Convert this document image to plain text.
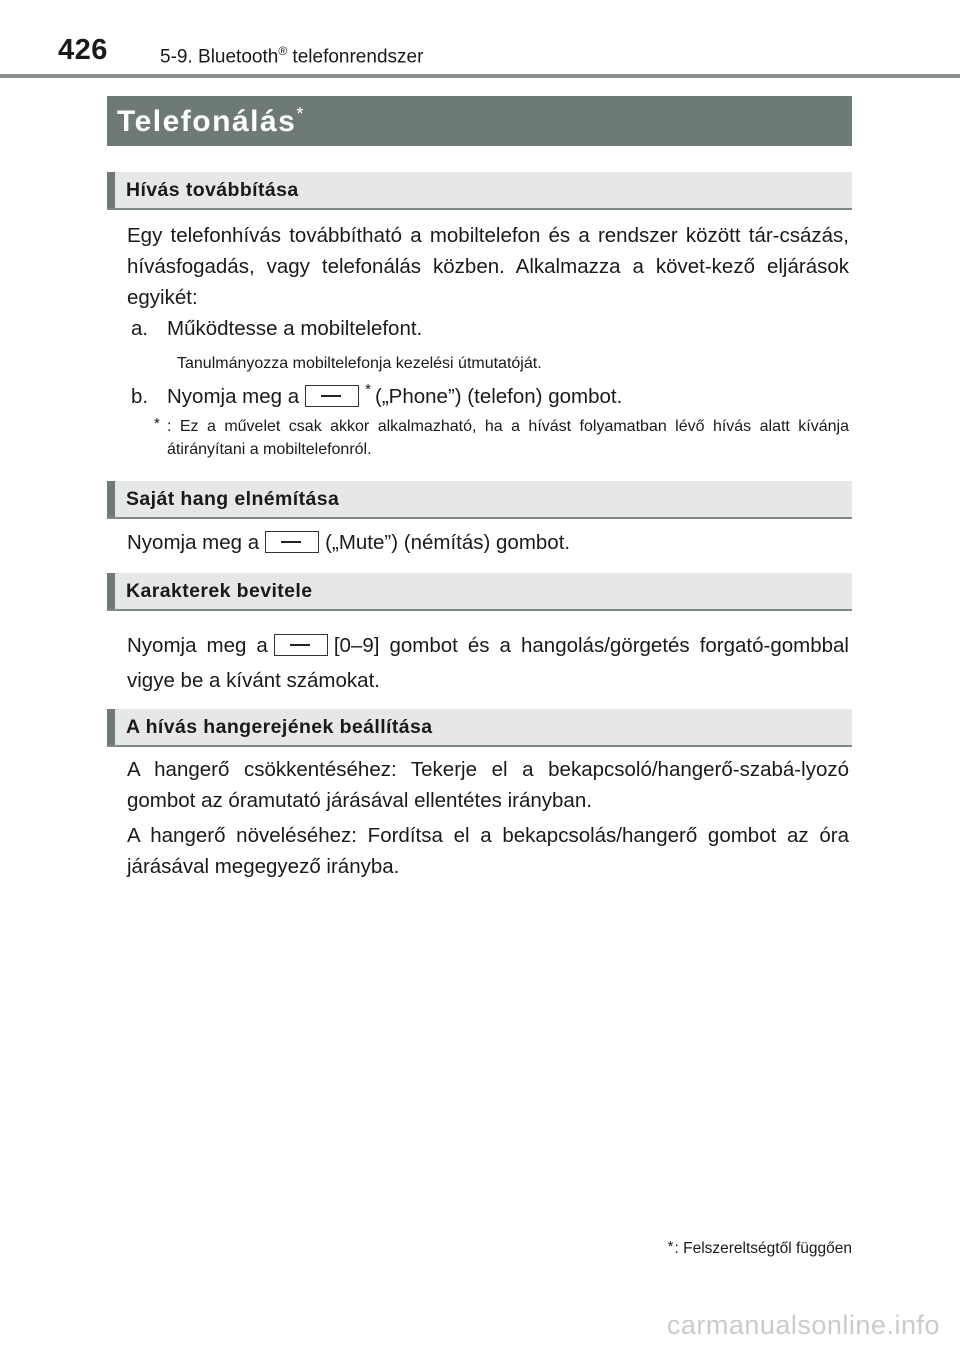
426	5-9. Bluetooth® telefonrendszer
Telefonálás*
Hívás továbbítása
Egy telefonhívás továbbítható a mobiltelefon és a rendszer között tár-csázás, hívásfogadás, vagy telefonálás közben. Alkalmazza a követ-kező eljárások egyikét:
a. Működtesse a mobiltelefont.
Tanulmányozza mobiltelefonja kezelési útmutatóját.
b. Nyomja meg a	* („Phone”) (telefon) gombot.
* : Ez a művelet csak akkor alkalmazható, ha a hívást folyamatban lévő hívás alatt kívánja átirányítani a mobiltelefonról.
Saját hang elnémítása
Nyomja meg a	(„Mute”) (némítás) gombot.
Karakterek bevitele
Nyomja meg a	[0–9] gombot és a hangolás/görgetés forgató-gombbal vigye be a kívánt számokat.
A hívás hangerejének beállítása
A hangerő csökkentéséhez: Tekerje el a bekapcsoló/hangerő-szabá-lyozó gombot az óramutató járásával ellentétes irányban.
A hangerő növeléséhez: Fordítsa el a bekapcsolás/hangerő gombot az óra járásával megegyező irányba.
*: Felszereltségtől függően
carmanualsonline.info
